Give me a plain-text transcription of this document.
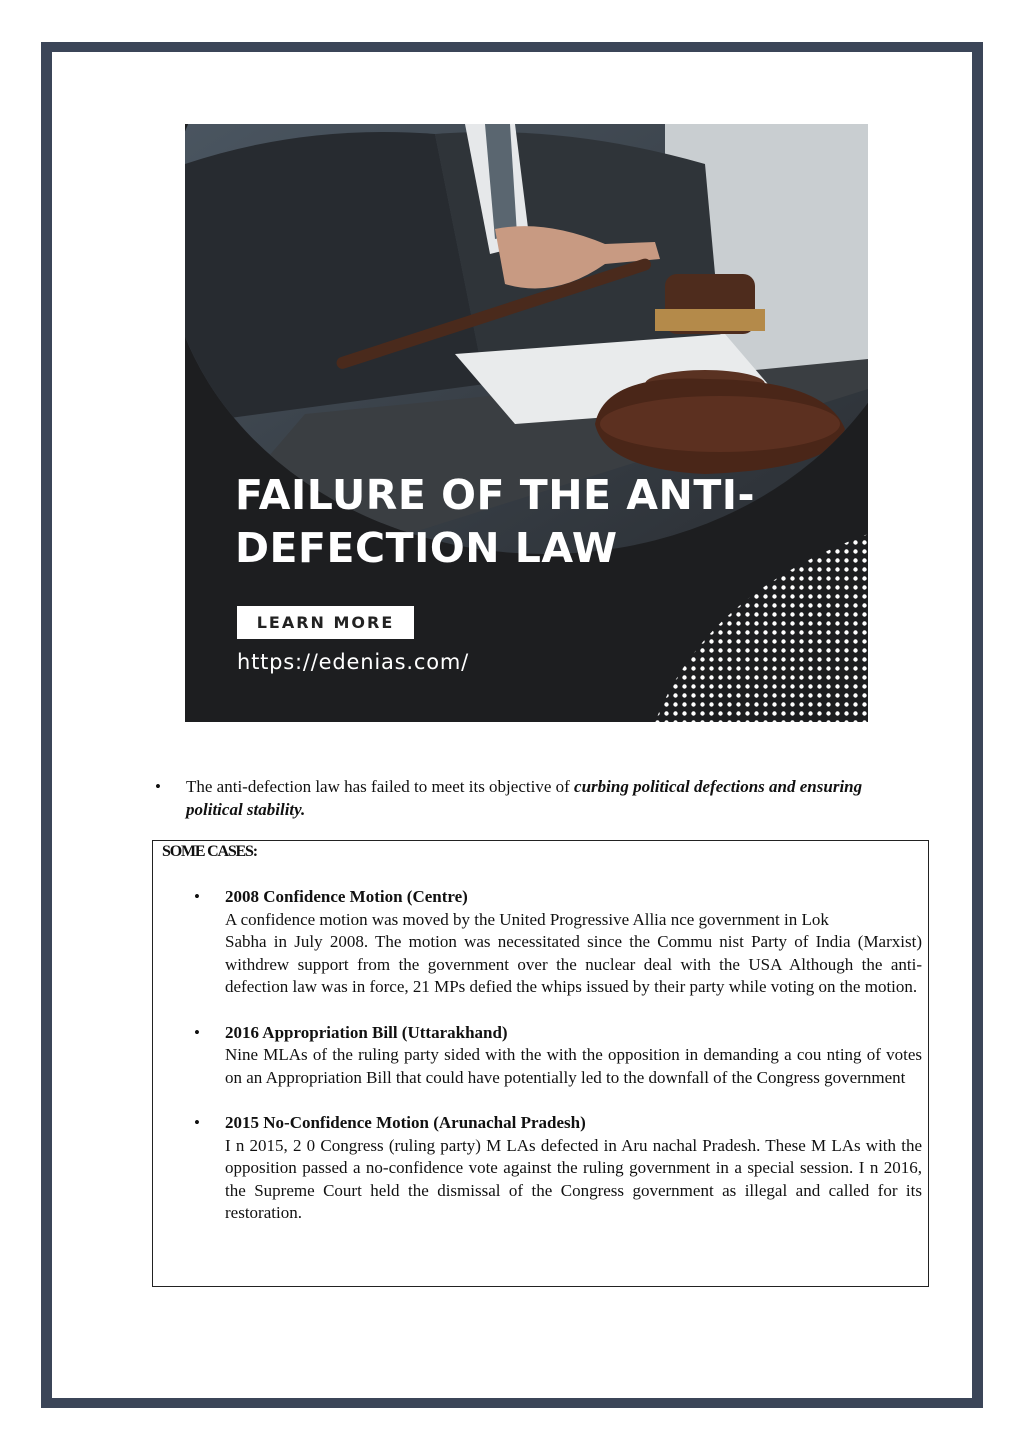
FAILURE OF THE ANTI-
DEFECTION LAW
LEARN MORE
https://edenias.com/

• The anti-defection law has failed to meet its objective of curbing political defections and ensuring political stability.

SOME CASES:
• 2008 Confidence Motion (Centre)
A confidence motion was moved by the United Progressive Allia nce government in Lok
Sabha in July 2008. The motion was necessitated since the Commu nist Party of India (Marxist) withdrew support from the government over the nuclear deal with the USA Although the anti-defection law was in force, 21 MPs defied the whips issued by their party while voting on the motion.
• 2016 Appropriation Bill (Uttarakhand)
Nine MLAs of the ruling party sided with the with the opposition in demanding a cou nting of votes on an Appropriation Bill that could have potentially led to the downfall of the Congress government
• 2015 No-Confidence Motion (Arunachal Pradesh)
I n 2015, 2 0 Congress (ruling party) M LAs defected in Aru nachal Pradesh. These M LAs with the opposition passed a no-confidence vote against the ruling government in a special session. I n 2016, the Supreme Court held the dismissal of the Congress government as illegal and called for its restoration.
